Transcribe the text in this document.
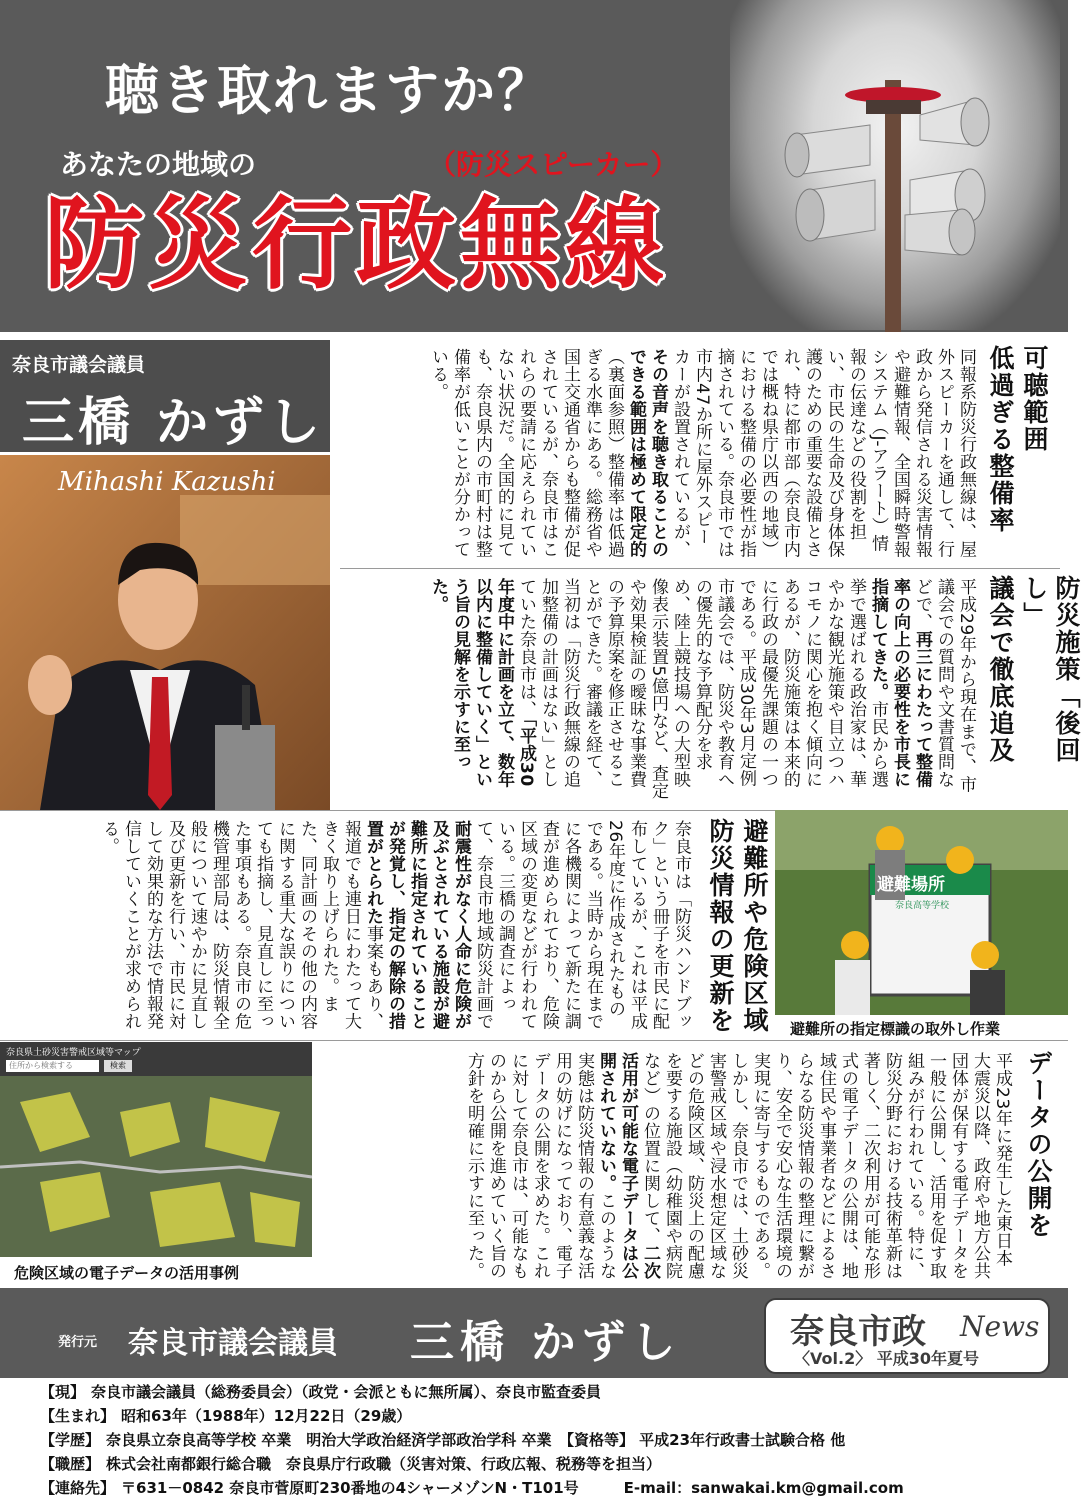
聴き取れますか？
あなたの地域の	（防災スピーカー）
防災行政無線
奈良市議会議員
三橋 かずし
Mihashi Kazushi
可聴範囲
低過ぎる整備率
同報系防災行政無線は、屋外スピーカーを通して、行政から発信される災害情報や避難情報、全国瞬時警報システム（J-アラート）情報の伝達などの役割を担い、市民の生命及び身体保護のための重要な設備とされ、特に都市部（奈良市内では概ね県庁以西の地域）における整備の必要性が指摘されている。奈良市では市内47か所に屋外スピーカーが設置されているが、その音声を聴き取ることのできる範囲は極めて限定的（裏面参照）整備率は低過ぎる水準にある。総務省や国土交通省からも整備が促されているが、奈良市はこれらの要請に応えられていない状況だ。全国的に見ても、奈良県内の市町村は整備率が低いことが分かっている。
防災施策「後回し」
議会で徹底追及
平成29年から現在まで、市議会での質問や文書質問などで、再三にわたって整備率の向上の必要性を市長に指摘してきた。市民から選挙で選ばれる政治家は、華やかな観光施策や目立つハコモノに関心を抱く傾向にあるが、防災施策は本来的に行政の最優先課題の一つである。平成30年3月定例市議会では、防災や教育への優先的な予算配分を求め、陸上競技場への大型映像表示装置5億円など、査定や効果検証の曖昧な事業費の予算原案を修正させることができた。審議を経て、当初は「防災行政無線の追加整備の計画はない」としていた奈良市は、「平成30年度中に計画を立て、数年以内に整備していく」という旨の見解を示すに至った。
避難所や危険区域
防災情報の更新を
奈良市は「防災ハンドブック」という冊子を市民に配布しているが、これは平成26年度に作成されたものである。当時から現在までに各機関によって新たに調査が進められており、危険区域の変更などが行われている。三橋の調査によって、奈良市地域防災計画で耐震性がなく人命に危険が及ぶとされている施設が避難所に指定されていることが発覚し、指定の解除の措置がとられた事案もあり、報道でも連日にわたって大きく取り上げられた。また、同計画のその他の内容に関する重大な誤りについても指摘し、見直しに至った事項もある。奈良市の危機管理部局は、防災情報全般について速やかに見直し及び更新を行い、市民に対して効果的な方法で情報発信していくことが求められる。
避難場所
奈良高等学校
避難所の指定標識の取外し作業
データの公開を
平成23年に発生した東日本大震災以降、政府や地方公共団体が保有する電子データを一般に公開し、活用を促す取組みが行われている。特に、防災分野における技術革新は著しく、二次利用が可能な形式の電子データの公開は、地域住民や事業者などによるさらなる防災情報の整理に繋がり、安全で安心な生活環境の実現に寄与するものである。しかし、奈良市では、土砂災害警戒区域や浸水想定区域などの危険区域、防災上の配慮を要する施設（幼稚園や病院など）の位置に関して、二次活用が可能な電子データは公開されていない。このような実態は防災情報の有意義な活用の妨げになっており、電子データの公開を求めた。これに対して奈良市は、可能なものから公開を進めていく旨の方針を明確に示すに至った。
奈良県土砂災害警戒区域等マップ
住所から検索する	検索
危険区域の電子データの活用事例
発行元 奈良市議会議員 三橋 かずし	奈良市政 News
〈Vol.2〉 平成30年夏号
【現】 奈良市議会議員（総務委員会）（政党・会派ともに無所属）、奈良市監査委員
【生まれ】 昭和63年（1988年）12月22日（29歳）
【学歴】 奈良県立奈良高等学校 卒業　明治大学政治経済学部政治学科 卒業　【資格等】 平成23年行政書士試験合格 他
【職歴】 株式会社南都銀行総合職　奈良県庁行政職（災害対策、行政広報、税務等を担当）
【連絡先】 〒631－0842 奈良市菅原町230番地の4シャーメゾンN・T101号　　　E-mail：sanwakai.km@gmail.com
